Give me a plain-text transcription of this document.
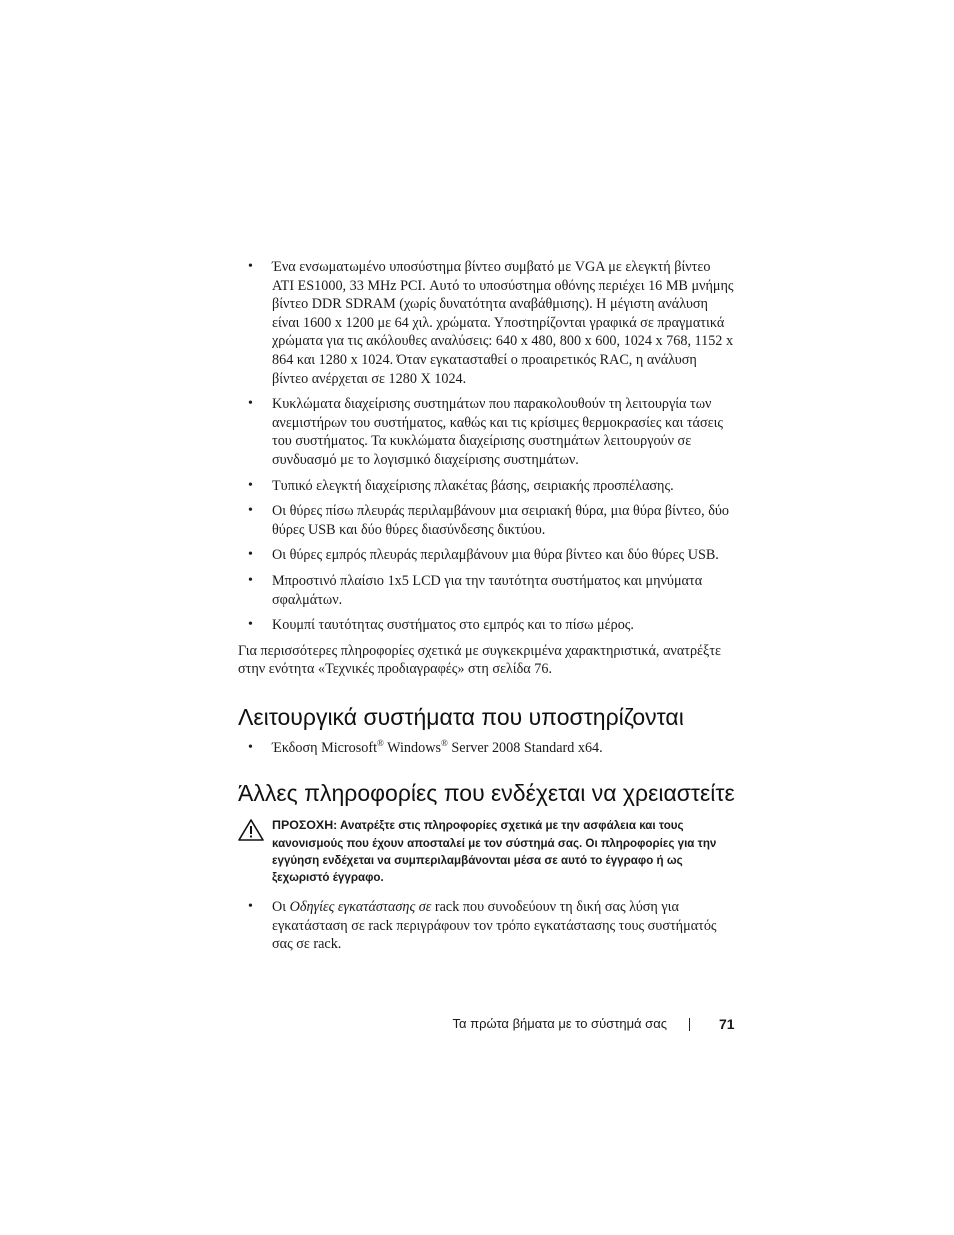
• Ένα ενσωματωμένο υποσύστημα βίντεο συμβατό με VGA με ελεγκτή βίντεο ATI ES1000, 33 MHz PCI. Αυτό το υποσύστημα οθόνης περιέχει 16 MB μνήμης βίντεο DDR SDRAM (χωρίς δυνατότητα αναβάθμισης). Η μέγιστη ανάλυση είναι 1600 x 1200 με 64 χιλ. χρώματα. Υποστηρίζονται γραφικά σε πραγματικά χρώματα για τις ακόλουθες αναλύσεις: 640 x 480, 800 x 600, 1024 x 768, 1152 x 864 και 1280 x 1024. Όταν εγκατασταθεί ο προαιρετικός RAC, η ανάλυση βίντεο ανέρχεται σε 1280 X 1024.
• Κυκλώματα διαχείρισης συστημάτων που παρακολουθούν τη λειτουργία των ανεμιστήρων του συστήματος, καθώς και τις κρίσιμες θερμοκρασίες και τάσεις του συστήματος. Τα κυκλώματα διαχείρισης συστημάτων λειτουργούν σε συνδυασμό με το λογισμικό διαχείρισης συστημάτων.
• Τυπικό ελεγκτή διαχείρισης πλακέτας βάσης, σειριακής προσπέλασης.
• Οι θύρες πίσω πλευράς περιλαμβάνουν μια σειριακή θύρα, μια θύρα βίντεο, δύο θύρες USB και δύο θύρες διασύνδεσης δικτύου.
• Οι θύρες εμπρός πλευράς περιλαμβάνουν μια θύρα βίντεο και δύο θύρες USB.
• Μπροστινό πλαίσιο 1x5 LCD για την ταυτότητα συστήματος και μηνύματα σφαλμάτων.
• Κουμπί ταυτότητας συστήματος στο εμπρός και το πίσω μέρος.

Για περισσότερες πληροφορίες σχετικά με συγκεκριμένα χαρακτηριστικά, ανατρέξτε στην ενότητα «Τεχνικές προδιαγραφές» στη σελίδα 76.

Λειτουργικά συστήματα που υποστηρίζονται
• Έκδοση Microsoft® Windows® Server 2008 Standard x64.
Άλλες πληροφορίες που ενδέχεται να χρειαστείτε
ΠΡΟΣΟΧΗ: Ανατρέξτε στις πληροφορίες σχετικά με την ασφάλεια και τους κανονισμούς που έχουν αποσταλεί με τον σύστημά σας. Οι πληροφορίες για την εγγύηση ενδέχεται να συμπεριλαμβάνονται μέσα σε αυτό το έγγραφο ή ως ξεχωριστό έγγραφο.
• Οι Οδηγίες εγκατάστασης σε rack που συνοδεύουν τη δική σας λύση για εγκατάσταση σε rack περιγράφουν τον τρόπο εγκατάστασης τους συστήματός σας σε rack.
Τα πρώτα βήματα με το σύστημά σας	71
